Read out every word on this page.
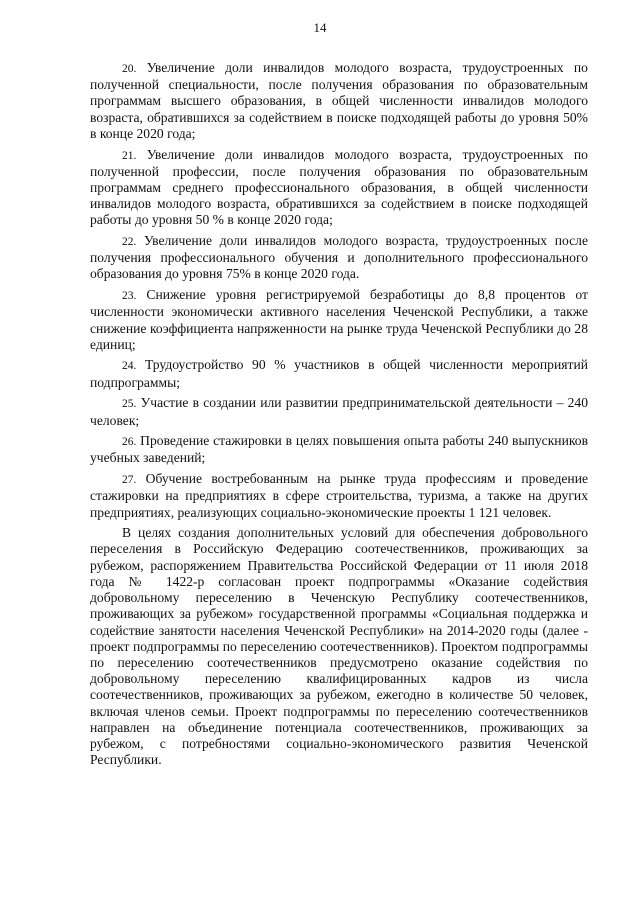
14

20. Увеличение доли инвалидов молодого возраста, трудоустроенных по полученной специальности, после получения образования по образовательным программам высшего образования, в общей численности инвалидов молодого возраста, обратившихся за содействием в поиске подходящей работы до уровня 50% в конце 2020 года;

21. Увеличение доли инвалидов молодого возраста, трудоустроенных по полученной профессии, после получения образования по образовательным программам среднего профессионального образования, в общей численности инвалидов молодого возраста, обратившихся за содействием в поиске подходящей работы до уровня 50 % в конце 2020 года;

22. Увеличение доли инвалидов молодого возраста, трудоустроенных после получения профессионального обучения и дополнительного профессионального образования до уровня 75% в конце 2020 года.

23. Снижение уровня регистрируемой безработицы до 8,8 процентов от численности экономически активного населения Чеченской Республики, а также снижение коэффициента напряженности на рынке труда Чеченской Республики до 28 единиц;

24. Трудоустройство 90 % участников в общей численности мероприятий подпрограммы;

25. Участие в создании или развитии предпринимательской деятельности – 240 человек;

26. Проведение стажировки в целях повышения опыта работы 240 выпускников учебных заведений;

27. Обучение востребованным на рынке труда профессиям и проведение стажировки на предприятиях в сфере строительства, туризма, а также на других предприятиях, реализующих социально-экономические проекты 1 121 человек.

В целях создания дополнительных условий для обеспечения добровольного переселения в Российскую Федерацию соотечественников, проживающих за рубежом, распоряжением Правительства Российской Федерации от 11 июля 2018 года № 1422-р согласован проект подпрограммы «Оказание содействия добровольному переселению в Чеченскую Республику соотечественников, проживающих за рубежом» государственной программы «Социальная поддержка и содействие занятости населения Чеченской Республики» на 2014-2020 годы (далее - проект подпрограммы по переселению соотечественников). Проектом подпрограммы по переселению соотечественников предусмотрено оказание содействия по добровольному переселению квалифицированных кадров из числа соотечественников, проживающих за рубежом, ежегодно в количестве 50 человек, включая членов семьи. Проект подпрограммы по переселению соотечественников направлен на объединение потенциала соотечественников, проживающих за рубежом, с потребностями социально-экономического развития Чеченской Республики.
